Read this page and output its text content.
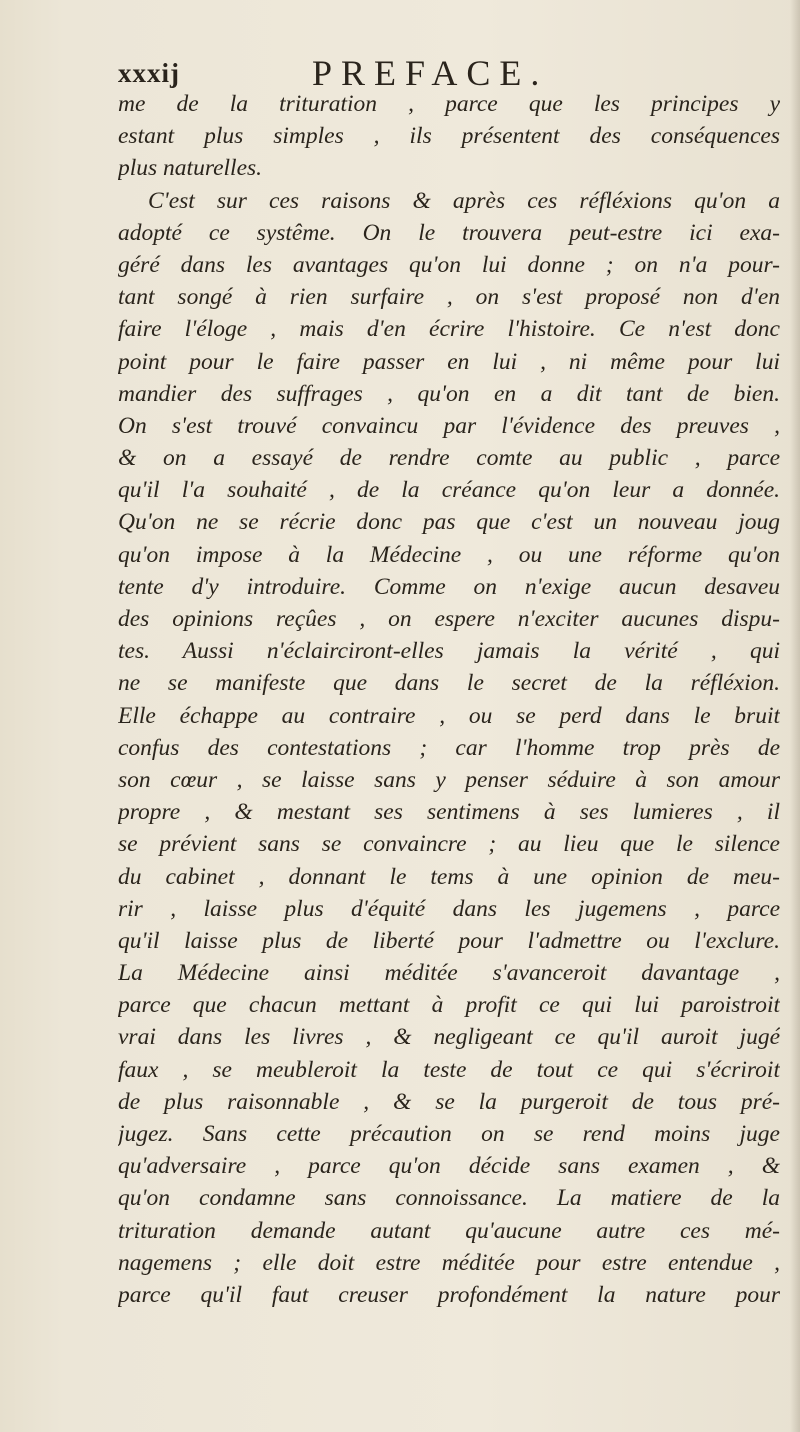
xxxij	PREFACE.
me de la trituration , parce que les principes y
estant plus simples , ils présentent des conséquences
plus naturelles.
C'est sur ces raisons & après ces réfléxions qu'on a
adopté ce systême. On le trouvera peut-estre ici exa-
géré dans les avantages qu'on lui donne ; on n'a pour-
tant songé à rien surfaire , on s'est proposé non d'en
faire l'éloge , mais d'en écrire l'histoire. Ce n'est donc
point pour le faire passer en lui , ni même pour lui
mandier des suffrages , qu'on en a dit tant de bien.
On s'est trouvé convaincu par l'évidence des preuves ,
& on a essayé de rendre comte au public , parce
qu'il l'a souhaité , de la créance qu'on leur a donnée.
Qu'on ne se récrie donc pas que c'est un nouveau joug
qu'on impose à la Médecine , ou une réforme qu'on
tente d'y introduire. Comme on n'exige aucun desaveu
des opinions reçûes , on espere n'exciter aucunes dispu-
tes. Aussi n'éclairciront-elles jamais la vérité , qui
ne se manifeste que dans le secret de la réfléxion.
Elle échappe au contraire , ou se perd dans le bruit
confus des contestations ; car l'homme trop près de
son cœur , se laisse sans y penser séduire à son amour
propre , & mestant ses sentimens à ses lumieres , il
se prévient sans se convaincre ; au lieu que le silence
du cabinet , donnant le tems à une opinion de meu-
rir , laisse plus d'équité dans les jugemens , parce
qu'il laisse plus de liberté pour l'admettre ou l'exclure.
La Médecine ainsi méditée s'avanceroit davantage ,
parce que chacun mettant à profit ce qui lui paroistroit
vrai dans les livres , & negligeant ce qu'il auroit jugé
faux , se meubleroit la teste de tout ce qui s'écriroit
de plus raisonnable , & se la purgeroit de tous pré-
jugez. Sans cette précaution on se rend moins juge
qu'adversaire , parce qu'on décide sans examen , &
qu'on condamne sans connoissance. La matiere de la
trituration demande autant qu'aucune autre ces mé-
nagemens ; elle doit estre méditée pour estre entendue ,
parce qu'il faut creuser profondément la nature pour
